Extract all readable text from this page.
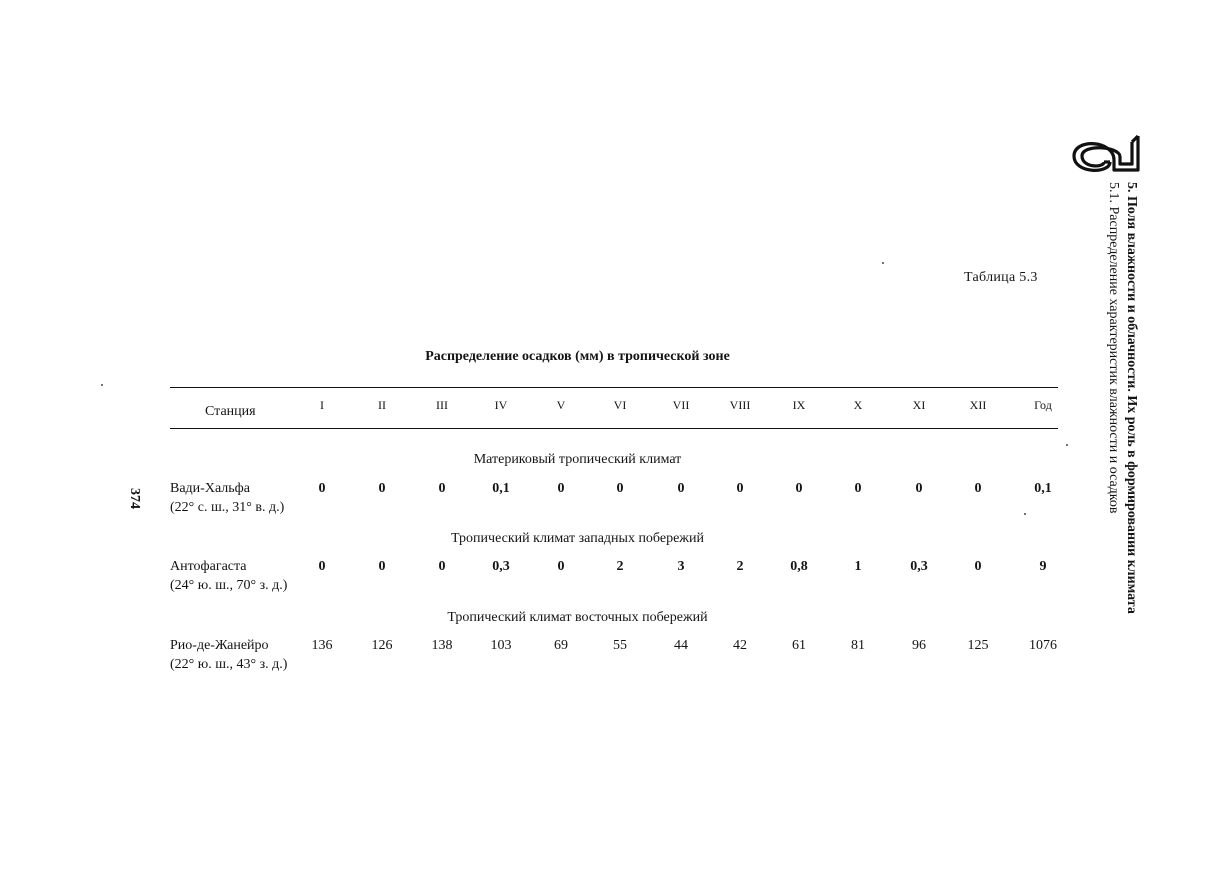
374	5. Поля влажности и облачности. Их роль в формировании климата
5.1. Распределение характеристик влажности и осадков
Таблица 5.3
Распределение осадков (мм) в тропической зоне
Станция	I	II	III	IV	V	VI	VII	VIII	IX	X	XI	XII	Год
Материковый тропический климат
Вади-Хальфа
(22° с. ш., 31° в. д.)
0	0	0	0,1	0	0	0	0	0	0	0	0	0,1
Тропический климат западных побережий
Антофагаста
(24° ю. ш., 70° з. д.)
0	0	0	0,3	0	2	3	2	0,8	1	0,3	0	9
Тропический климат восточных побережий
Рио-де-Жанейро
(22° ю. ш., 43° з. д.)
136	126	138	103	69	55	44	42	61	81	96	125	1076
